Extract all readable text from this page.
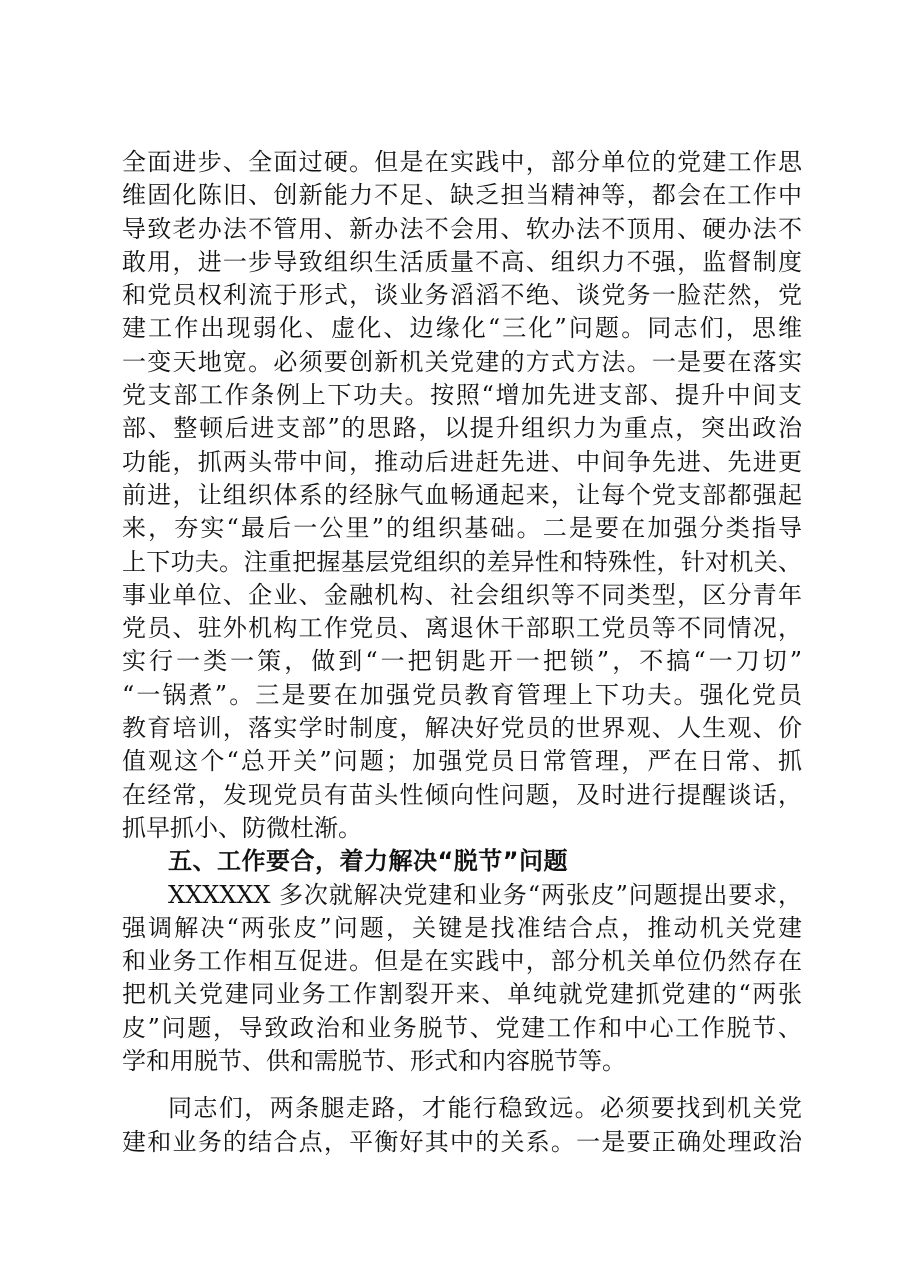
全面进步、全面过硬。但是在实践中，部分单位的党建工作思
维固化陈旧、创新能力不足、缺乏担当精神等，都会在工作中
导致老办法不管用、新办法不会用、软办法不顶用、硬办法不
敢用，进一步导致组织生活质量不高、组织力不强，监督制度
和党员权利流于形式，谈业务滔滔不绝、谈党务一脸茫然，党
建工作出现弱化、虚化、边缘化“三化”问题。同志们，思维
一变天地宽。必须要创新机关党建的方式方法。一是要在落实
党支部工作条例上下功夫。按照“增加先进支部、提升中间支
部、整顿后进支部”的思路，以提升组织力为重点，突出政治
功能，抓两头带中间，推动后进赶先进、中间争先进、先进更
前进，让组织体系的经脉气血畅通起来，让每个党支部都强起
来，夯实“最后一公里”的组织基础。二是要在加强分类指导
上下功夫。注重把握基层党组织的差异性和特殊性，针对机关、
事业单位、企业、金融机构、社会组织等不同类型，区分青年
党员、驻外机构工作党员、离退休干部职工党员等不同情况，
实行一类一策，做到“一把钥匙开一把锁”，不搞“一刀切”
“一锅煮”。三是要在加强党员教育管理上下功夫。强化党员
教育培训，落实学时制度，解决好党员的世界观、人生观、价
值观这个“总开关”问题；加强党员日常管理，严在日常、抓
在经常，发现党员有苗头性倾向性问题，及时进行提醒谈话，
抓早抓小、防微杜渐。
五、工作要合，着力解决“脱节”问题
XXXXXX 多次就解决党建和业务“两张皮”问题提出要求，
强调解决“两张皮”问题，关键是找准结合点，推动机关党建
和业务工作相互促进。但是在实践中，部分机关单位仍然存在
把机关党建同业务工作割裂开来、单纯就党建抓党建的“两张
皮”问题，导致政治和业务脱节、党建工作和中心工作脱节、
学和用脱节、供和需脱节、形式和内容脱节等。
同志们，两条腿走路，才能行稳致远。必须要找到机关党
建和业务的结合点，平衡好其中的关系。一是要正确处理政治
